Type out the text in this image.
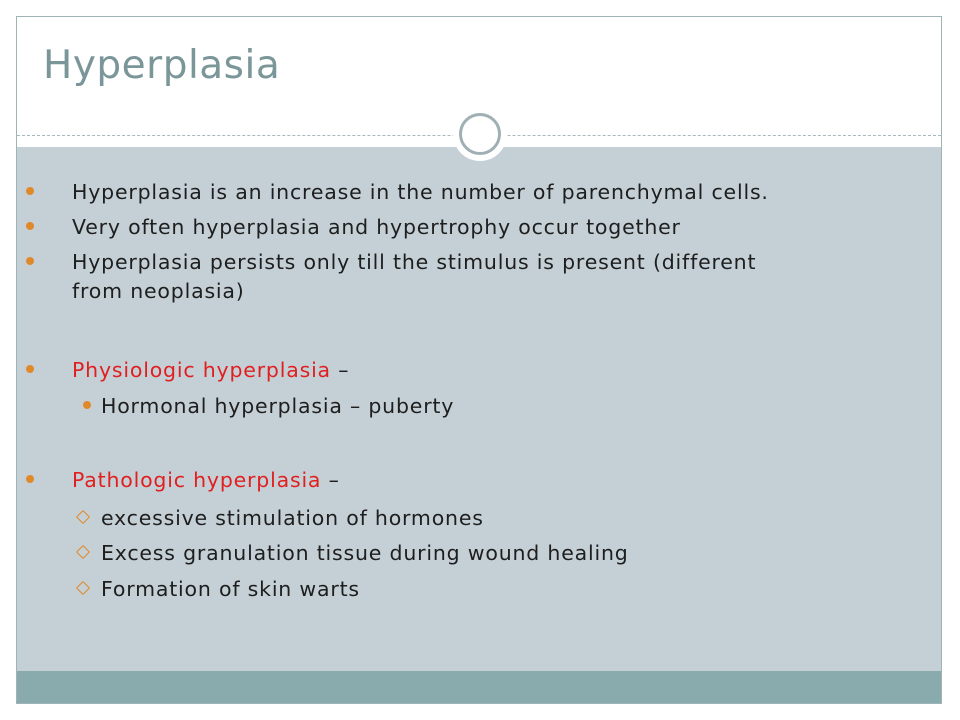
Hyperplasia
Hyperplasia is an increase in the number of parenchymal cells.
Very often hyperplasia and hypertrophy occur together
Hyperplasia persists only till the stimulus is present (different
from neoplasia)
Physiologic hyperplasia –
Hormonal hyperplasia – puberty
Pathologic hyperplasia –
excessive stimulation of hormones
Excess granulation tissue during wound healing
Formation of skin warts
